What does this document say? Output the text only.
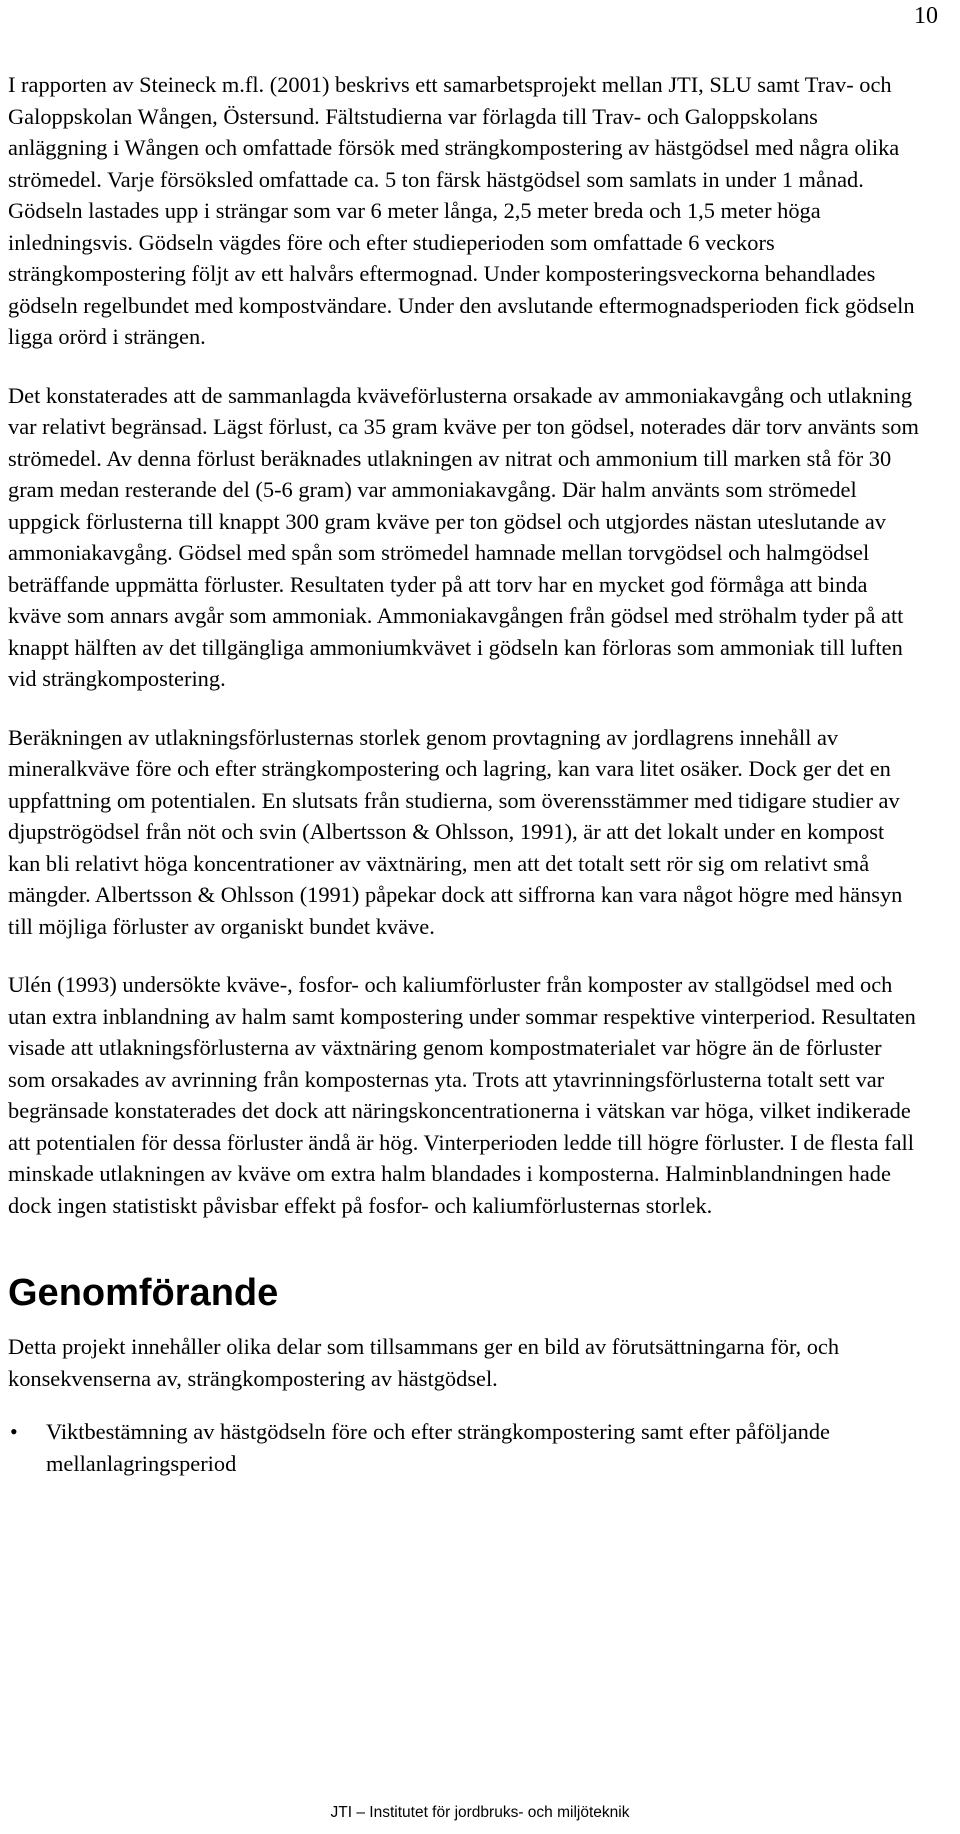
10

I rapporten av Steineck m.fl. (2001) beskrivs ett samarbetsprojekt mellan JTI, SLU samt Trav- och Galoppskolan Wången, Östersund. Fältstudierna var förlagda till Trav- och Galoppskolans anläggning i Wången och omfattade försök med strängkompostering av hästgödsel med några olika strömedel. Varje försöksled omfattade ca. 5 ton färsk hästgödsel som samlats in under 1 månad. Gödseln lastades upp i strängar som var 6 meter långa, 2,5 meter breda och 1,5 meter höga inledningsvis. Gödseln vägdes före och efter studieperioden som omfattade 6 veckors strängkompostering följt av ett halvårs eftermognad. Under komposteringsveckorna behandlades gödseln regelbundet med kompostvändare. Under den avslutande eftermognadsperioden fick gödseln ligga orörd i strängen.

Det konstaterades att de sammanlagda kväveförlusterna orsakade av ammoniakavgång och utlakning var relativt begränsad. Lägst förlust, ca 35 gram kväve per ton gödsel, noterades där torv använts som strömedel. Av denna förlust beräknades utlakningen av nitrat och ammonium till marken stå för 30 gram medan resterande del (5-6 gram) var ammoniakavgång. Där halm använts som strömedel uppgick förlusterna till knappt 300 gram kväve per ton gödsel och utgjordes nästan uteslutande av ammoniakavgång. Gödsel med spån som strömedel hamnade mellan torvgödsel och halmgödsel beträffande uppmätta förluster. Resultaten tyder på att torv har en mycket god förmåga att binda kväve som annars avgår som ammoniak. Ammoniakavgången från gödsel med ströhalm tyder på att knappt hälften av det tillgängliga ammoniumkvävet i gödseln kan förloras som ammoniak till luften vid strängkompostering.

Beräkningen av utlakningsförlusternas storlek genom provtagning av jordlagrens innehåll av mineralkväve före och efter strängkompostering och lagring, kan vara litet osäker. Dock ger det en uppfattning om potentialen. En slutsats från studierna, som överensstämmer med tidigare studier av djupströgödsel från nöt och svin (Albertsson & Ohlsson, 1991), är att det lokalt under en kompost kan bli relativt höga koncentrationer av växtnäring, men att det totalt sett rör sig om relativt små mängder. Albertsson & Ohlsson (1991) påpekar dock att siffrorna kan vara något högre med hänsyn till möjliga förluster av organiskt bundet kväve.

Ulén (1993) undersökte kväve-, fosfor- och kaliumförluster från komposter av stallgödsel med och utan extra inblandning av halm samt kompostering under sommar respektive vinterperiod. Resultaten visade att utlakningsförlusterna av växtnäring genom kompostmaterialet var högre än de förluster som orsakades av avrinning från komposternas yta. Trots att ytavrinningsförlusterna totalt sett var begränsade konstaterades det dock att näringskoncentrationerna i vätskan var höga, vilket indikerade att potentialen för dessa förluster ändå är hög. Vinterperioden ledde till högre förluster. I de flesta fall minskade utlakningen av kväve om extra halm blandades i komposterna. Halminblandningen hade dock ingen statistiskt påvisbar effekt på fosfor- och kaliumförlusternas storlek.

Genomförande

Detta projekt innehåller olika delar som tillsammans ger en bild av förutsättningarna för, och konsekvenserna av, strängkompostering av hästgödsel.

•	Viktbestämning av hästgödseln före och efter strängkompostering samt efter påföljande mellanlagringsperiod
JTI – Institutet för jordbruks- och miljöteknik
